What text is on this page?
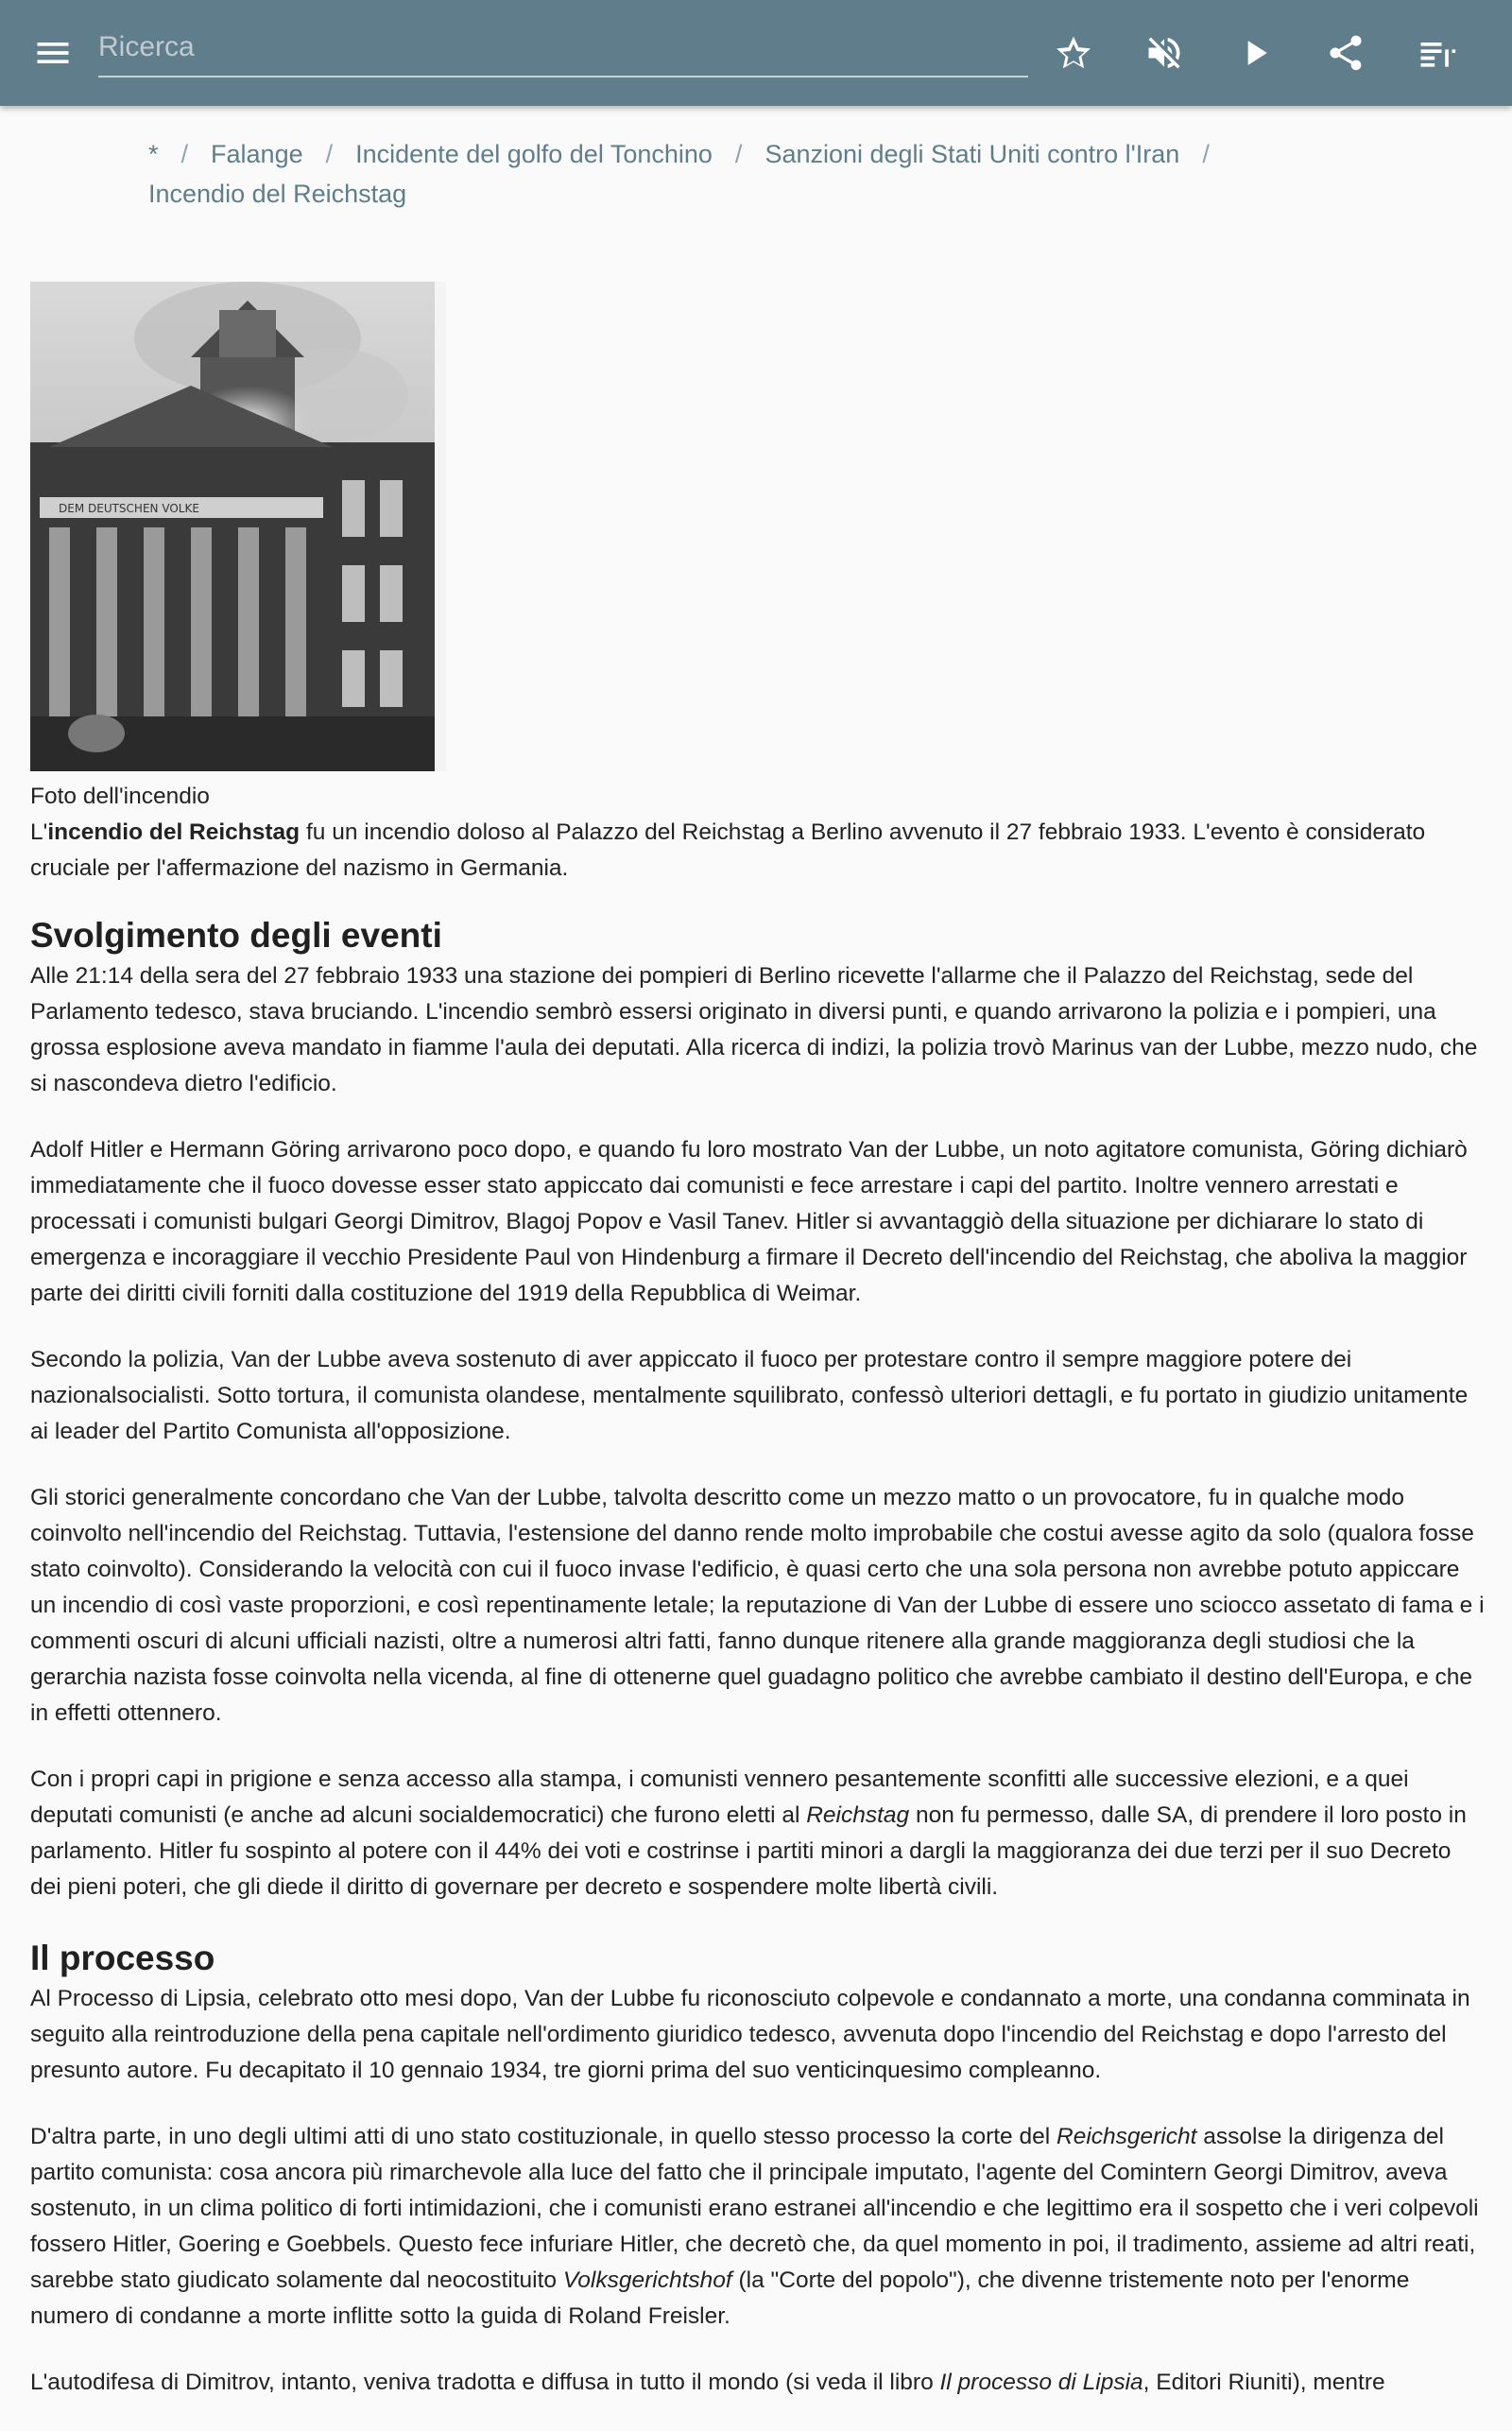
Ricerca
* / Falange / Incidente del golfo del Tonchino / Sanzioni degli Stati Uniti contro l'Iran /
Incendio del Reichstag
DEM DEUTSCHEN VOLKE
Foto dell'incendio

L'incendio del Reichstag fu un incendio doloso al Palazzo del Reichstag a Berlino avvenuto il 27 febbraio 1933. L'evento è considerato cruciale per l'affermazione del nazismo in Germania.

Svolgimento degli eventi

Alle 21:14 della sera del 27 febbraio 1933 una stazione dei pompieri di Berlino ricevette l'allarme che il Palazzo del Reichstag, sede del Parlamento tedesco, stava bruciando. L'incendio sembrò essersi originato in diversi punti, e quando arrivarono la polizia e i pompieri, una grossa esplosione aveva mandato in fiamme l'aula dei deputati. Alla ricerca di indizi, la polizia trovò Marinus van der Lubbe, mezzo nudo, che si nascondeva dietro l'edificio.

Adolf Hitler e Hermann Göring arrivarono poco dopo, e quando fu loro mostrato Van der Lubbe, un noto agitatore comunista, Göring dichiarò immediatamente che il fuoco dovesse esser stato appiccato dai comunisti e fece arrestare i capi del partito. Inoltre vennero arrestati e processati i comunisti bulgari Georgi Dimitrov, Blagoj Popov e Vasil Tanev. Hitler si avvantaggiò della situazione per dichiarare lo stato di emergenza e incoraggiare il vecchio Presidente Paul von Hindenburg a firmare il Decreto dell'incendio del Reichstag, che aboliva la maggior parte dei diritti civili forniti dalla costituzione del 1919 della Repubblica di Weimar.

Secondo la polizia, Van der Lubbe aveva sostenuto di aver appiccato il fuoco per protestare contro il sempre maggiore potere dei nazionalsocialisti. Sotto tortura, il comunista olandese, mentalmente squilibrato, confessò ulteriori dettagli, e fu portato in giudizio unitamente ai leader del Partito Comunista all'opposizione.

Gli storici generalmente concordano che Van der Lubbe, talvolta descritto come un mezzo matto o un provocatore, fu in qualche modo coinvolto nell'incendio del Reichstag. Tuttavia, l'estensione del danno rende molto improbabile che costui avesse agito da solo (qualora fosse stato coinvolto). Considerando la velocità con cui il fuoco invase l'edificio, è quasi certo che una sola persona non avrebbe potuto appiccare un incendio di così vaste proporzioni, e così repentinamente letale; la reputazione di Van der Lubbe di essere uno sciocco assetato di fama e i commenti oscuri di alcuni ufficiali nazisti, oltre a numerosi altri fatti, fanno dunque ritenere alla grande maggioranza degli studiosi che la gerarchia nazista fosse coinvolta nella vicenda, al fine di ottenerne quel guadagno politico che avrebbe cambiato il destino dell'Europa, e che in effetti ottennero.

Con i propri capi in prigione e senza accesso alla stampa, i comunisti vennero pesantemente sconfitti alle successive elezioni, e a quei deputati comunisti (e anche ad alcuni socialdemocratici) che furono eletti al Reichstag non fu permesso, dalle SA, di prendere il loro posto in parlamento. Hitler fu sospinto al potere con il 44% dei voti e costrinse i partiti minori a dargli la maggioranza dei due terzi per il suo Decreto dei pieni poteri, che gli diede il diritto di governare per decreto e sospendere molte libertà civili.

Il processo

Al Processo di Lipsia, celebrato otto mesi dopo, Van der Lubbe fu riconosciuto colpevole e condannato a morte, una condanna comminata in seguito alla reintroduzione della pena capitale nell'ordimento giuridico tedesco, avvenuta dopo l'incendio del Reichstag e dopo l'arresto del presunto autore. Fu decapitato il 10 gennaio 1934, tre giorni prima del suo venticinquesimo compleanno.

D'altra parte, in uno degli ultimi atti di uno stato costituzionale, in quello stesso processo la corte del Reichsgericht assolse la dirigenza del partito comunista: cosa ancora più rimarchevole alla luce del fatto che il principale imputato, l'agente del Comintern Georgi Dimitrov, aveva sostenuto, in un clima politico di forti intimidazioni, che i comunisti erano estranei all'incendio e che legittimo era il sospetto che i veri colpevoli fossero Hitler, Goering e Goebbels. Questo fece infuriare Hitler, che decretò che, da quel momento in poi, il tradimento, assieme ad altri reati, sarebbe stato giudicato solamente dal neocostituito Volksgerichtshof (la "Corte del popolo"), che divenne tristemente noto per l'enorme numero di condanne a morte inflitte sotto la guida di Roland Freisler.

L'autodifesa di Dimitrov, intanto, veniva tradotta e diffusa in tutto il mondo (si veda il libro Il processo di Lipsia, Editori Riuniti), mentre
